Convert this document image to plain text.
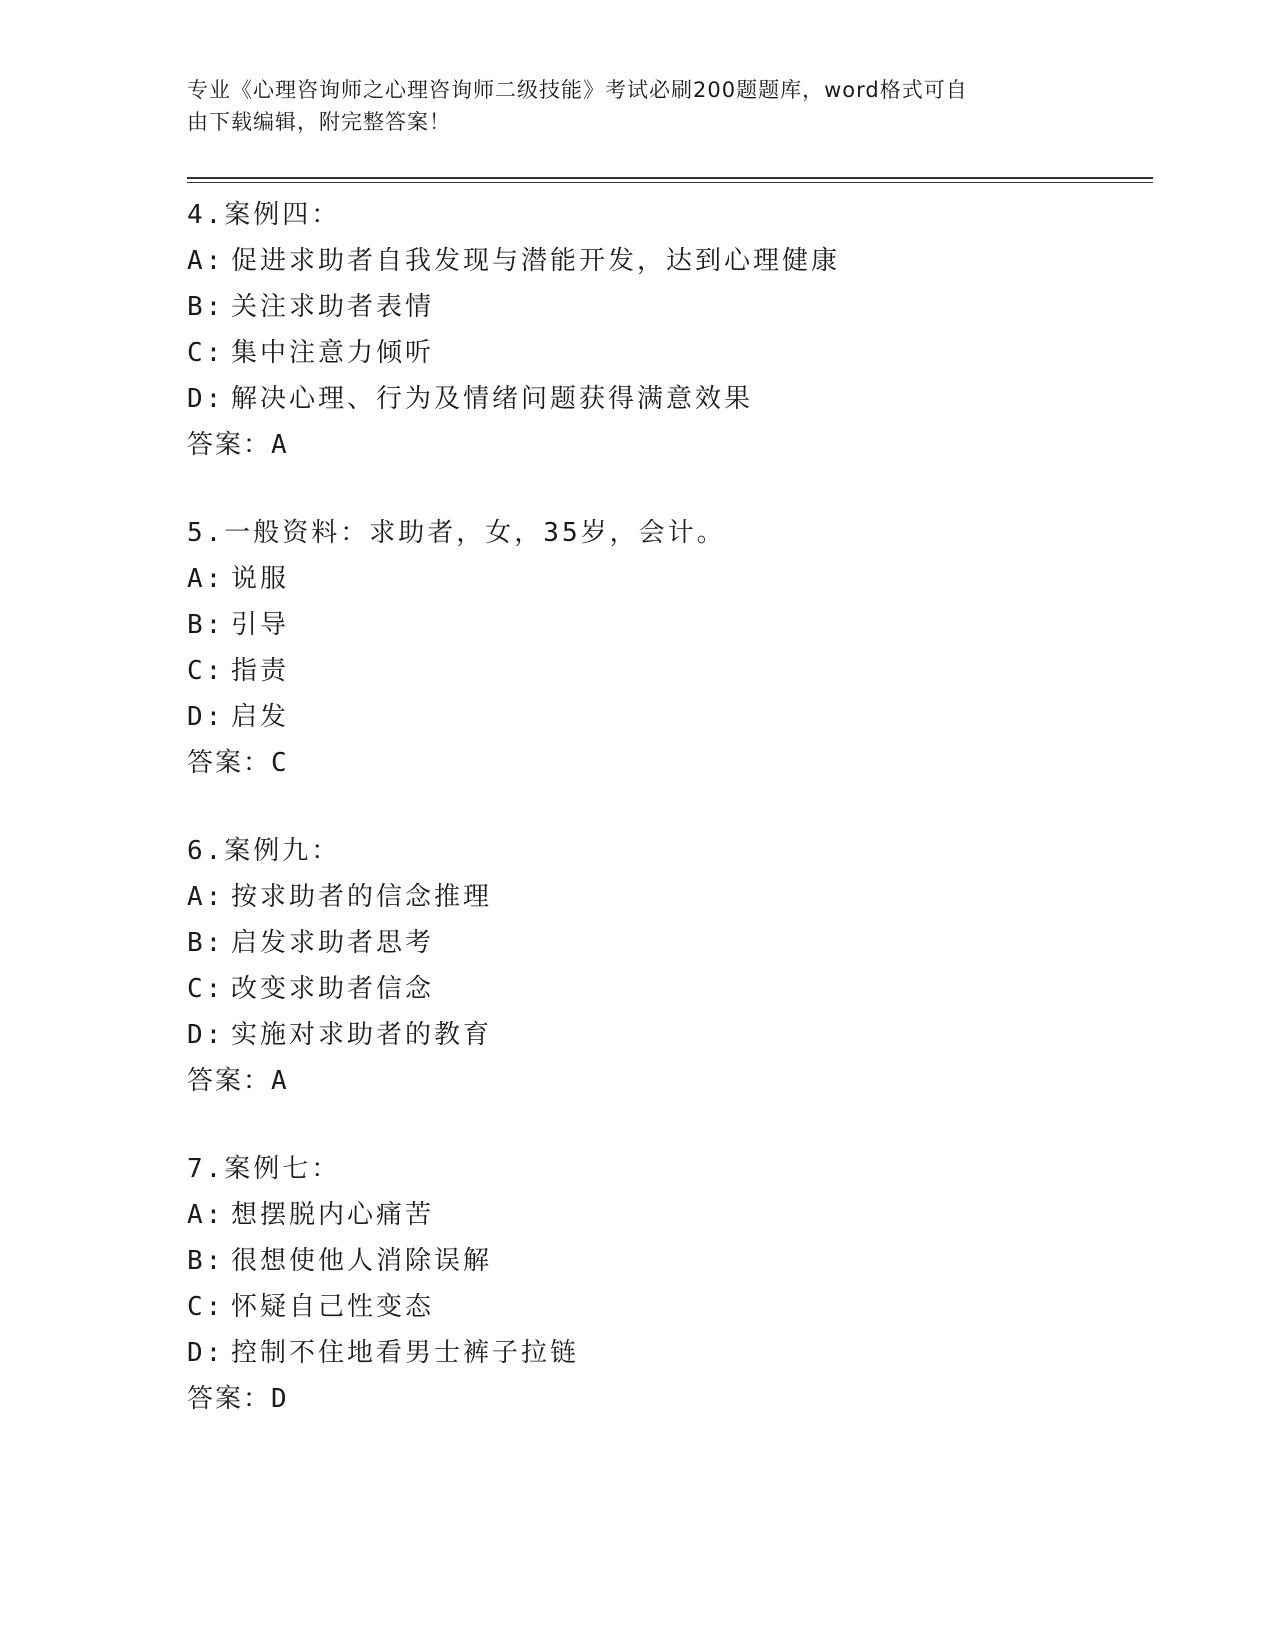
专业《心理咨询师之心理咨询师二级技能》考试必刷200题题库，word格式可自
由下载编辑，附完整答案！
4.案例四：
A: 促进求助者自我发现与潜能开发，达到心理健康
B: 关注求助者表情
C: 集中注意力倾听
D: 解决心理、行为及情绪问题获得满意效果
答案：A
5.一般资料：求助者，女，35岁，会计。
A: 说服
B: 引导
C: 指责
D: 启发
答案：C
6.案例九：
A: 按求助者的信念推理
B: 启发求助者思考
C: 改变求助者信念
D: 实施对求助者的教育
答案：A
7.案例七：
A: 想摆脱内心痛苦
B: 很想使他人消除误解
C: 怀疑自己性变态
D: 控制不住地看男士裤子拉链
答案：D
